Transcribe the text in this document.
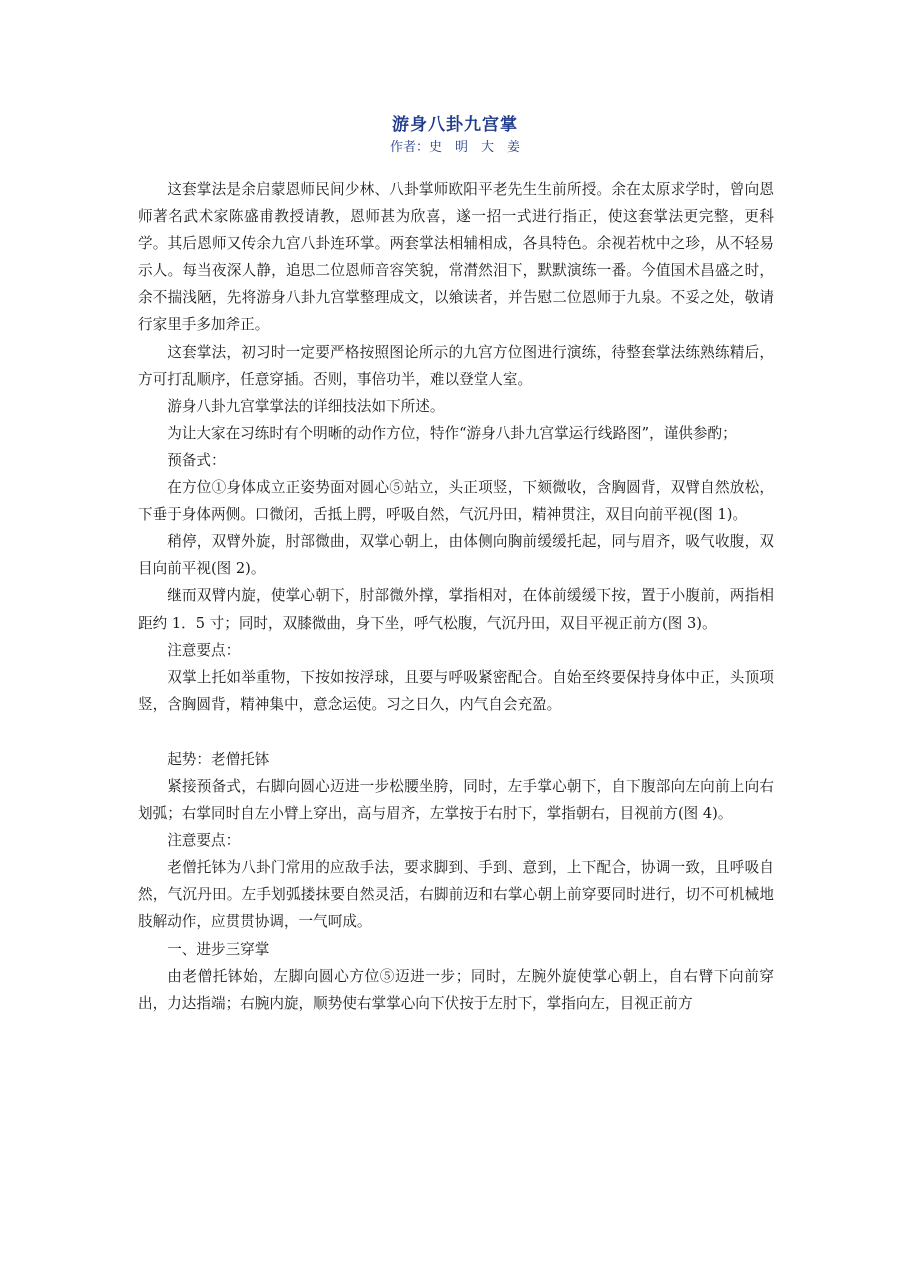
游身八卦九宫掌
作者：史　明　大　姜

这套掌法是余启蒙恩师民间少林、八卦掌师欧阳平老先生生前所授。余在太原求学时，曾向恩师著名武术家陈盛甫教授请教，恩师甚为欣喜，遂一招一式进行指正，使这套掌法更完整，更科学。其后恩师又传余九宫八卦连环掌。两套掌法相辅相成，各具特色。余视若枕中之珍，从不轻易示人。每当夜深人静，追思二位恩师音容笑貌，常潸然泪下，默默演练一番。今值国术昌盛之时，余不揣浅陋，先将游身八卦九宫掌整理成文，以飨读者，并告慰二位恩师于九泉。不妥之处，敬请行家里手多加斧正。

这套掌法，初习时一定要严格按照图论所示的九宫方位图进行演练，待整套掌法练熟练精后，方可打乱顺序，任意穿插。否则，事倍功半，难以登堂人室。

游身八卦九宫掌掌法的详细技法如下所述。

为让大家在习练时有个明晰的动作方位，特作“游身八卦九宫掌运行线路图”，谨供参酌；

预备式：

在方位①身体成立正姿势面对圆心⑤站立，头正项竖，下颏微收，含胸圆背，双臂自然放松，下垂于身体两侧。口微闭，舌抵上腭，呼吸自然，气沉丹田，精神贯注，双目向前平视(图 1)。

稍停，双臂外旋，肘部微曲，双掌心朝上，由体侧向胸前缓缓托起，同与眉齐，吸气收腹，双目向前平视(图 2)。

继而双臂内旋，使掌心朝下，肘部微外撑，掌指相对，在体前缓缓下按，置于小腹前，两指相距约 1．5 寸；同时，双膝微曲，身下坐，呼气松腹，气沉丹田，双目平视正前方(图 3)。

注意要点：

双掌上托如举重物，下按如按浮球，且要与呼吸紧密配合。自始至终要保持身体中正，头顶项竖，含胸圆背，精神集中，意念运使。习之日久，内气自会充盈。

起势：老僧托钵

紧接预备式，右脚向圆心迈进一步松腰坐胯，同时，左手掌心朝下，自下腹部向左向前上向右划弧；右掌同时自左小臂上穿出，高与眉齐，左掌按于右肘下，掌指朝右，目视前方(图 4)。

注意要点：

老僧托钵为八卦门常用的应敌手法，要求脚到、手到、意到，上下配合，协调一致，且呼吸自然，气沉丹田。左手划弧搂抹要自然灵活，右脚前迈和右掌心朝上前穿要同时进行，切不可机械地肢解动作，应贯贯协调，一气呵成。

一、进步三穿掌

由老僧托钵始，左脚向圆心方位⑤迈进一步；同时，左腕外旋使掌心朝上，自右臂下向前穿出，力达指端；右腕内旋，顺势使右掌掌心向下伏按于左肘下，掌指向左，目视正前方
